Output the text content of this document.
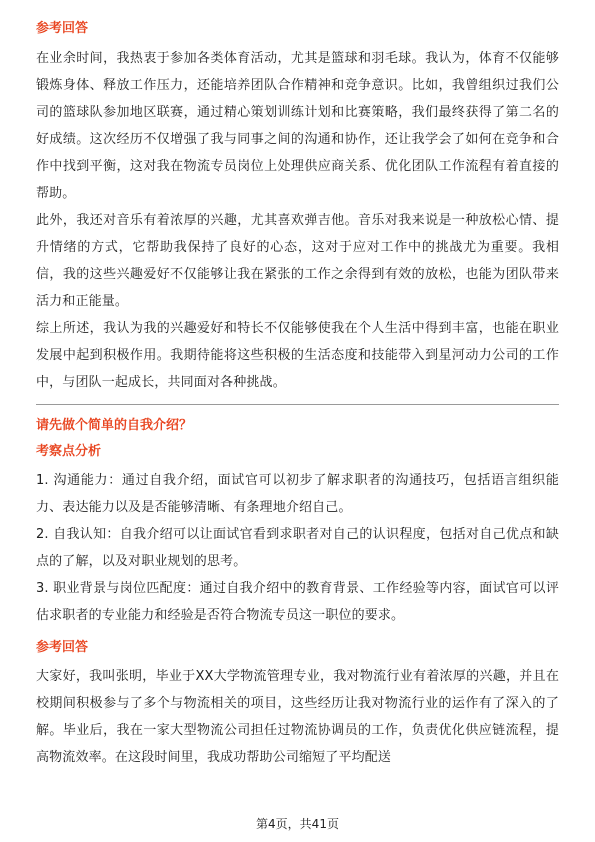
参考回答

在业余时间，我热衷于参加各类体育活动，尤其是篮球和羽毛球。我认为，体育不仅能够锻炼身体、释放工作压力，还能培养团队合作精神和竞争意识。比如，我曾组织过我们公司的篮球队参加地区联赛，通过精心策划训练计划和比赛策略，我们最终获得了第二名的好成绩。这次经历不仅增强了我与同事之间的沟通和协作，还让我学会了如何在竞争和合作中找到平衡，这对我在物流专员岗位上处理供应商关系、优化团队工作流程有着直接的帮助。

此外，我还对音乐有着浓厚的兴趣，尤其喜欢弹吉他。音乐对我来说是一种放松心情、提升情绪的方式，它帮助我保持了良好的心态，这对于应对工作中的挑战尤为重要。我相信，我的这些兴趣爱好不仅能够让我在紧张的工作之余得到有效的放松，也能为团队带来活力和正能量。

综上所述，我认为我的兴趣爱好和特长不仅能够使我在个人生活中得到丰富，也能在职业发展中起到积极作用。我期待能将这些积极的生活态度和技能带入到星河动力公司的工作中，与团队一起成长，共同面对各种挑战。

请先做个简单的自我介绍？

考察点分析

1. 沟通能力：通过自我介绍，面试官可以初步了解求职者的沟通技巧，包括语言组织能力、表达能力以及是否能够清晰、有条理地介绍自己。

2. 自我认知：自我介绍可以让面试官看到求职者对自己的认识程度，包括对自己优点和缺点的了解，以及对职业规划的思考。

3. 职业背景与岗位匹配度：通过自我介绍中的教育背景、工作经验等内容，面试官可以评估求职者的专业能力和经验是否符合物流专员这一职位的要求。

参考回答

大家好，我叫张明，毕业于XX大学物流管理专业，我对物流行业有着浓厚的兴趣，并且在校期间积极参与了多个与物流相关的项目，这些经历让我对物流行业的运作有了深入的了解。毕业后，我在一家大型物流公司担任过物流协调员的工作，负责优化供应链流程，提高物流效率。在这段时间里，我成功帮助公司缩短了平均配送

第4页，共41页
